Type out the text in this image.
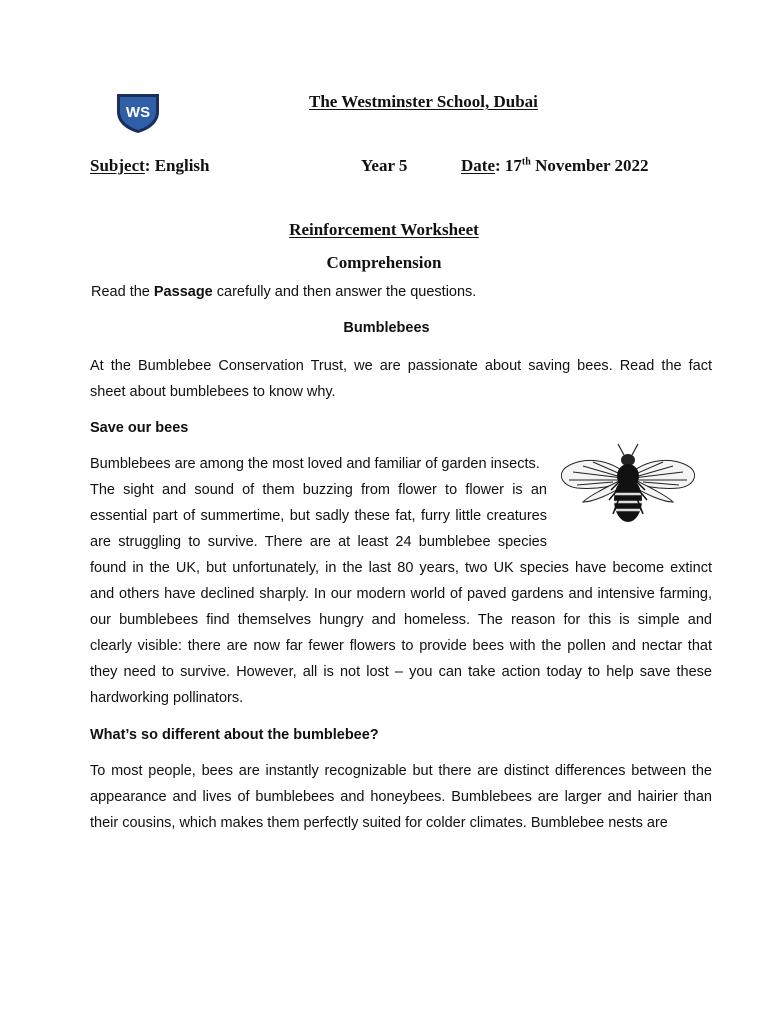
WS
The Westminster School, Dubai
Subject: English	Year 5	Date: 17th November 2022
Reinforcement Worksheet
Comprehension
Read the Passage carefully and then answer the questions.
Bumblebees
At the Bumblebee Conservation Trust, we are passionate about saving bees. Read the fact sheet about bumblebees to know why.
Save our bees
Bumblebees are among the most loved and familiar of garden insects.
The sight and sound of them buzzing from flower to flower is an
essential part of summertime, but sadly these fat, furry little creatures
are struggling to survive. There are at least 24 bumblebee species
found in the UK, but unfortunately, in the last 80 years, two UK species have become extinct
and others have declined sharply. In our modern world of paved gardens and intensive farming,
our bumblebees find themselves hungry and homeless. The reason for this is simple and
clearly visible: there are now far fewer flowers to provide bees with the pollen and nectar that
they need to survive. However, all is not lost – you can take action today to help save these
hardworking pollinators.
What’s so different about the bumblebee?
To most people, bees are instantly recognizable but there are distinct differences between the
appearance and lives of bumblebees and honeybees. Bumblebees are larger and hairier than
their cousins, which makes them perfectly suited for colder climates. Bumblebee nests are
